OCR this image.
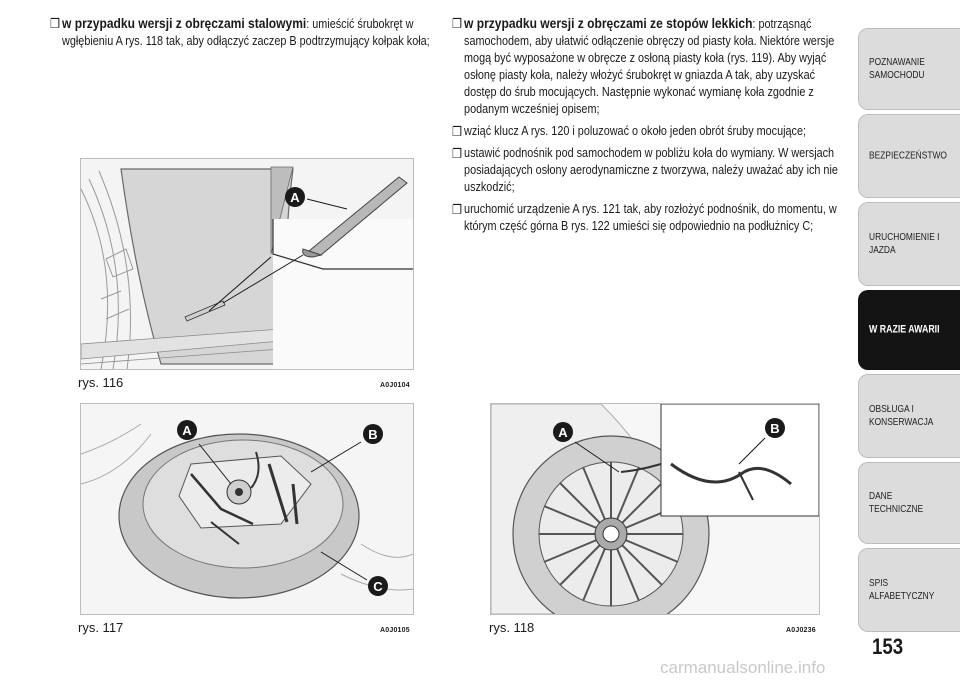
❒ w przypadku wersji z obręczami stalowymi: umieścić śrubokręt w wgłębieniu A rys. 118 tak, aby odłączyć zaczep B podtrzymujący kołpak koła;
❒ w przypadku wersji z obręczami ze stopów lekkich: potrząsnąć samochodem, aby ułatwić odłączenie obręczy od piasty koła. Niektóre wersje mogą być wyposażone w obręcze z osłoną piasty koła (rys. 119). Aby wyjąć osłonę piasty koła, należy włożyć śrubokręt w gniazda A tak, aby uzyskać dostęp do śrub mocujących. Następnie wykonać wymianę koła zgodnie z podanym wcześniej opisem;
❒ wziąć klucz A rys. 120 i poluzować o około jeden obrót śruby mocujące;
❒ ustawić podnośnik pod samochodem w pobliżu koła do wymiany. W wersjach posiadających osłony aerodynamiczne z tworzywa, należy uważać aby ich nie uszkodzić;
❒ uruchomić urządzenie A rys. 121 tak, aby rozłożyć podnośnik, do momentu, w którym część górna B rys. 122 umieści się odpowiednio na podłużnicy C;
A
rys. 116	A0J0104
A	B
C
rys. 117	A0J0105
A	B
rys. 118	A0J0236
POZNAWANIE
SAMOCHODU
BEZPIECZEŃSTWO
URUCHOMIENIE I
JAZDA
W RAZIE AWARII
OBSŁUGA I
KONSERWACJA
DANE TECHNICZNE
SPIS ALFABETYCZNY
153
carmanualsonline.info
